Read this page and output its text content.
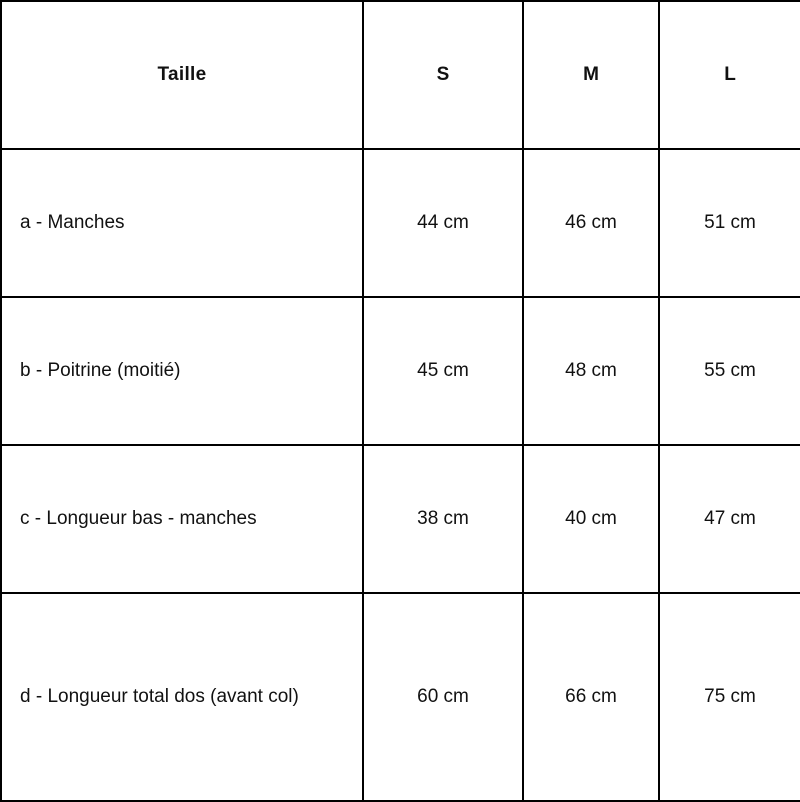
Taille	S	M	L
a - Manches	44 cm	46 cm	51 cm
b - Poitrine (moitié)	45 cm	48 cm	55 cm
c - Longueur bas - manches	38 cm	40 cm	47 cm
d - Longueur total dos (avant col)	60 cm	66 cm	75 cm
